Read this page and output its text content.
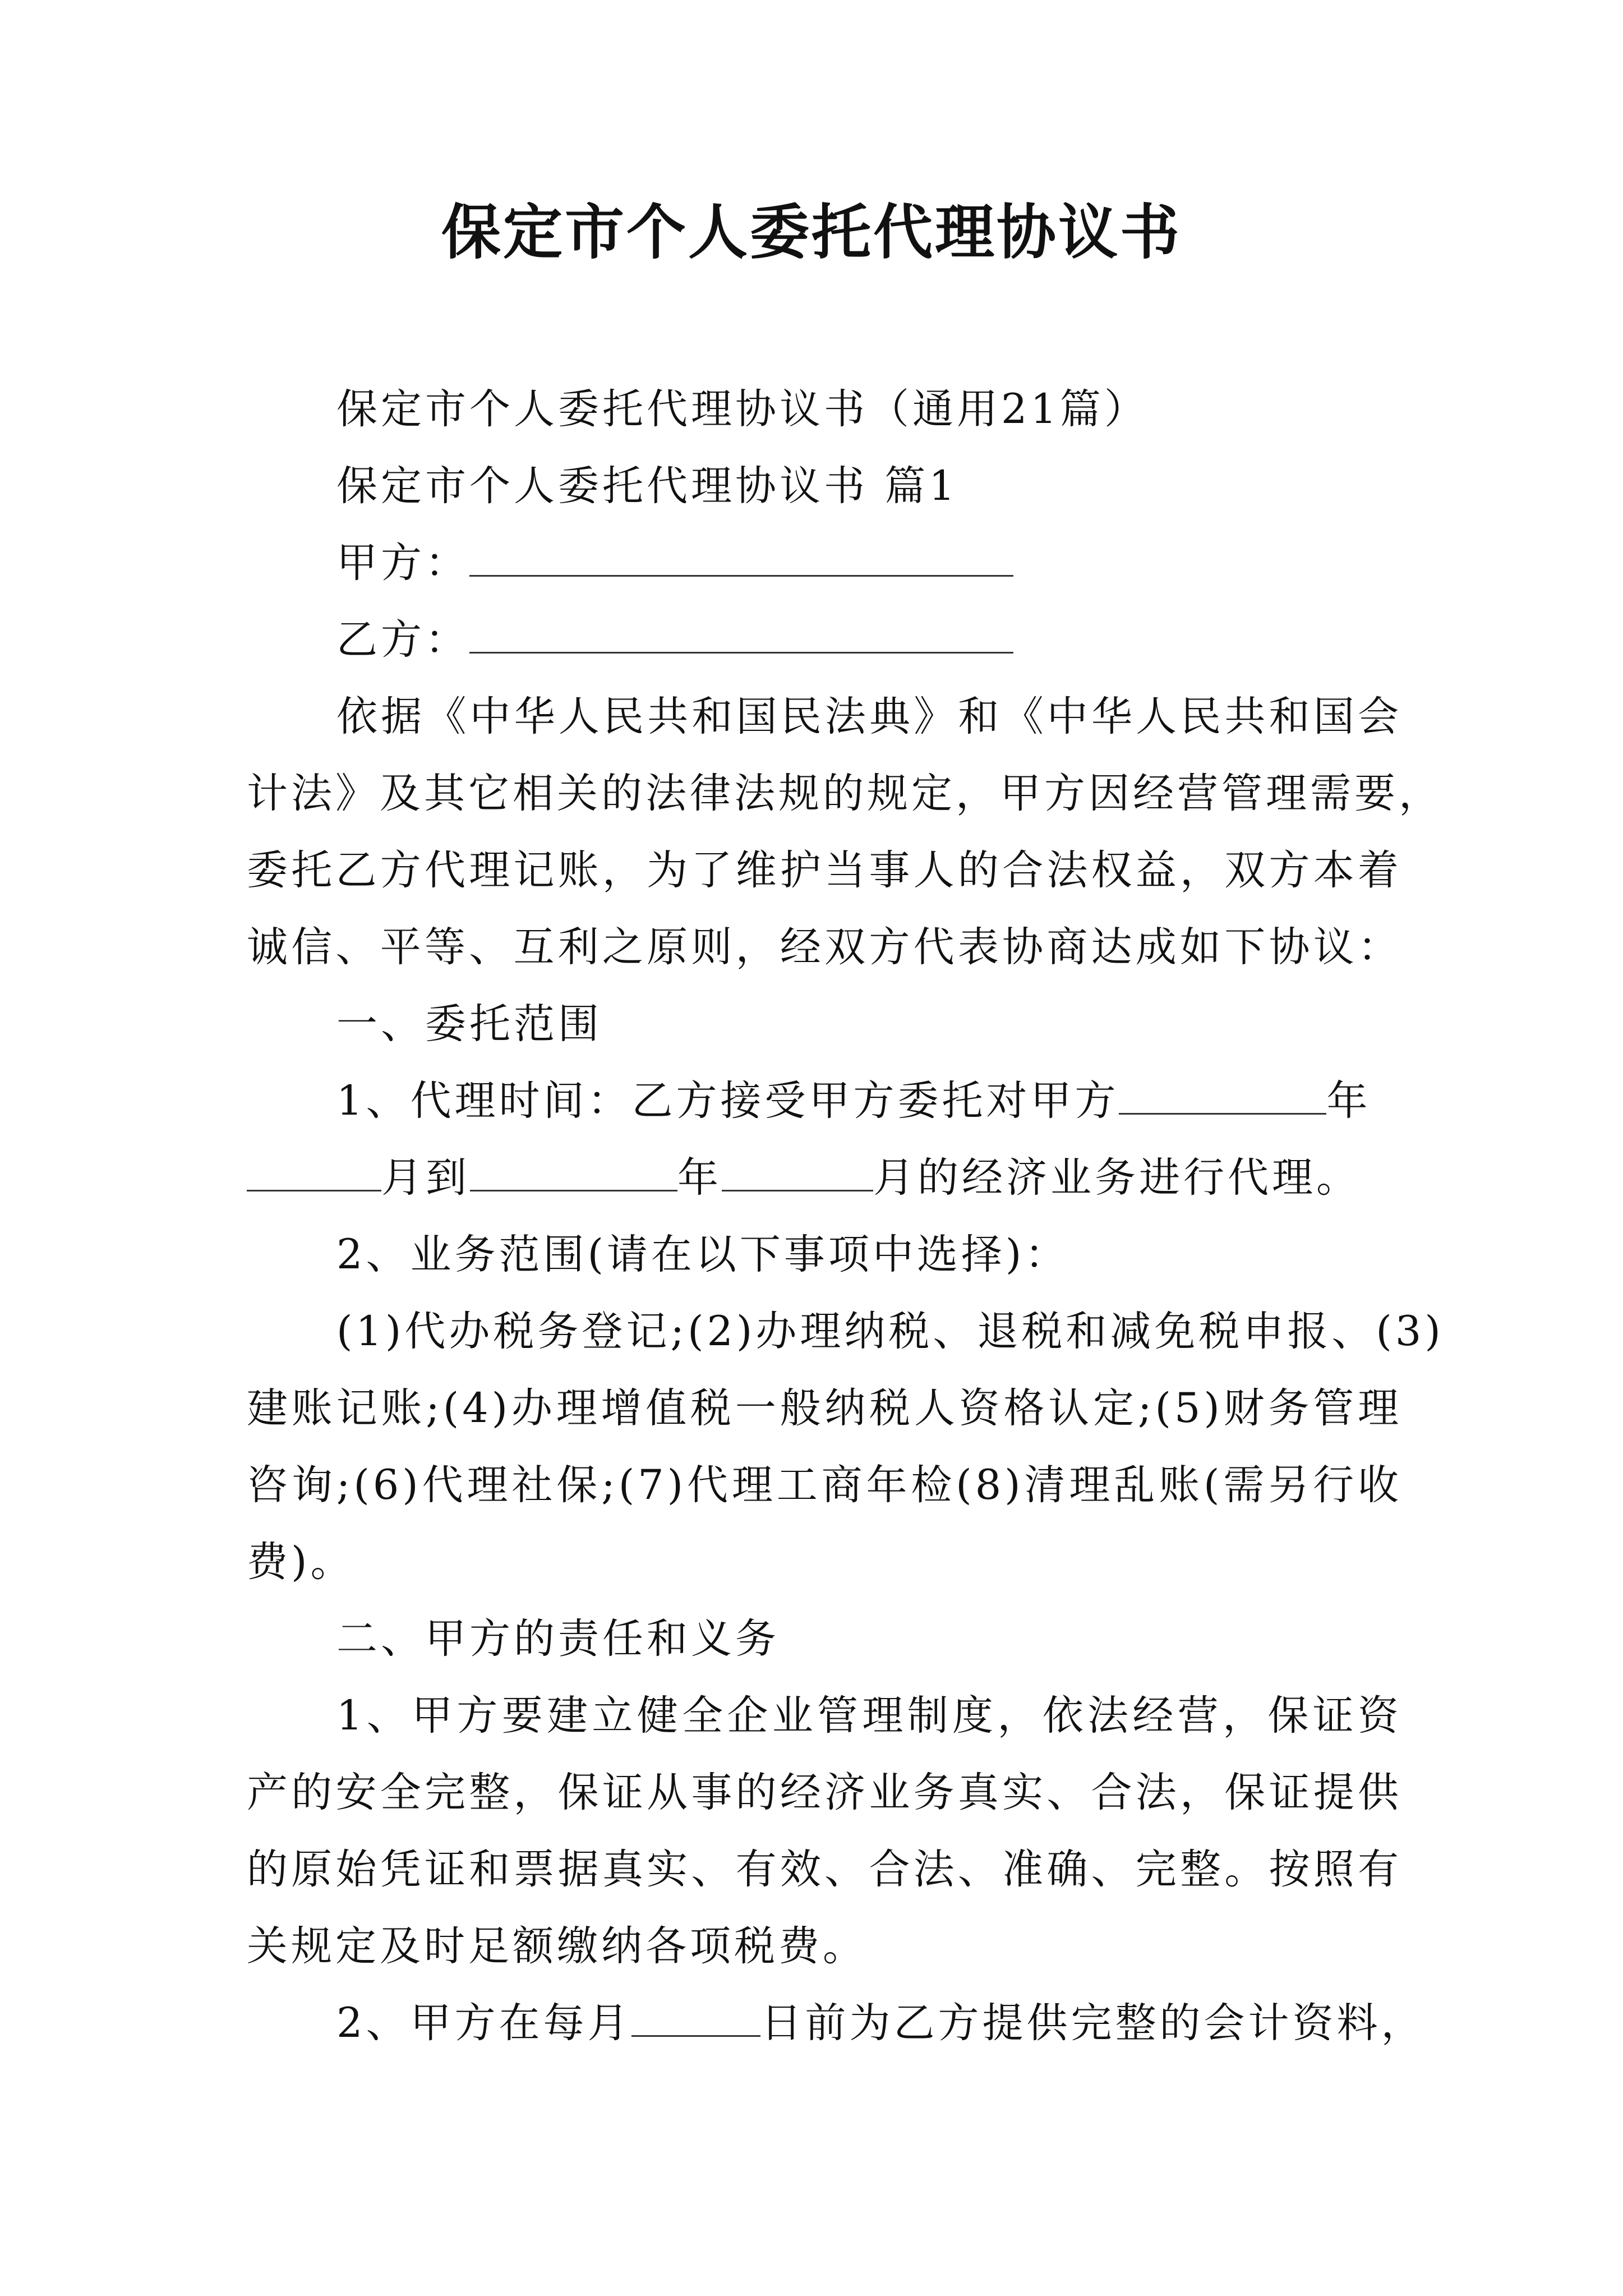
保定市个人委托代理协议书
保定市个人委托代理协议书（通用21篇）
保定市个人委托代理协议书 篇1
甲方：
乙方：
依据《中华人民共和国民法典》和《中华人民共和国会
计法》及其它相关的法律法规的规定，甲方因经营管理需要，
委托乙方代理记账，为了维护当事人的合法权益，双方本着
诚信、平等、互利之原则，经双方代表协商达成如下协议：
一、委托范围
1、代理时间：乙方接受甲方委托对甲方	年
月到	年	月的经济业务进行代理。
2、业务范围(请在以下事项中选择)：
(1)代办税务登记;(2)办理纳税、退税和减免税申报、(3)
建账记账;(4)办理增值税一般纳税人资格认定;(5)财务管理
咨询;(6)代理社保;(7)代理工商年检(8)清理乱账(需另行收
费)。
二、甲方的责任和义务
1、甲方要建立健全企业管理制度，依法经营，保证资
产的安全完整，保证从事的经济业务真实、合法，保证提供
的原始凭证和票据真实、有效、合法、准确、完整。按照有
关规定及时足额缴纳各项税费。
2、甲方在每月	日前为乙方提供完整的会计资料，
